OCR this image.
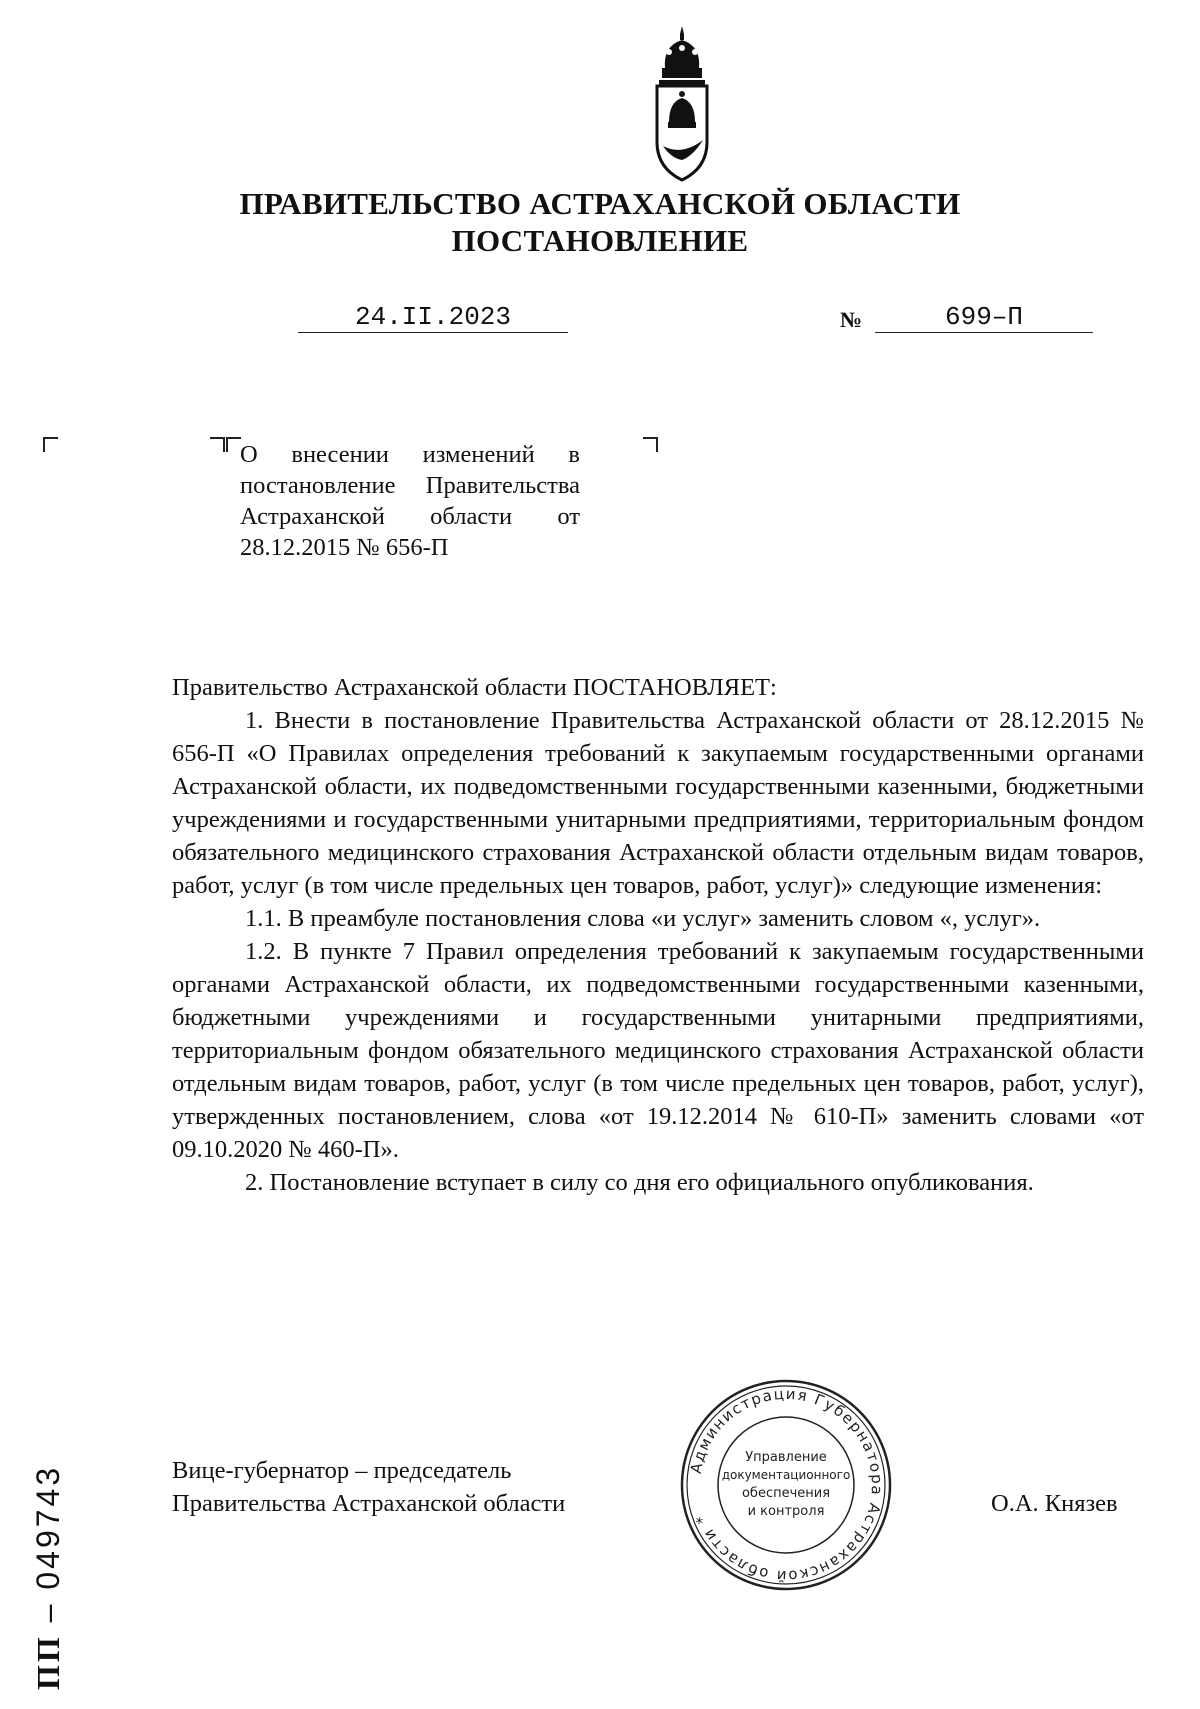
ПРАВИТЕЛЬСТВО АСТРАХАНСКОЙ ОБЛАСТИ
ПОСТАНОВЛЕНИЕ
24.II.2023	№	699–П
О внесении изменений в постановление Правительства Астраханской области от 28.12.2015 № 656-П

Правительство Астраханской области ПОСТАНОВЛЯЕТ:

1. Внести в постановление Правительства Астраханской области от 28.12.2015 № 656-П «О Правилах определения требований к закупаемым государственными органами Астраханской области, их подведомственными государственными казенными, бюджетными учреждениями и государственными унитарными предприятиями, территориальным фондом обязательного медицинского страхования Астраханской области отдельным видам товаров, работ, услуг (в том числе предельных цен товаров, работ, услуг)» следующие изменения:

1.1. В преамбуле постановления слова «и услуг» заменить словом «, услуг».

1.2. В пункте 7 Правил определения требований к закупаемым государственными органами Астраханской области, их подведомственными государственными казенными, бюджетными учреждениями и государственными унитарными предприятиями, территориальным фондом обязательного медицинского страхования Астраханской области отдельным видам товаров, работ, услуг (в том числе предельных цен товаров, работ, услуг), утвержденных постановлением, слова «от 19.12.2014 № 610-П» заменить словами «от 09.10.2020 № 460-П».

2. Постановление вступает в силу со дня его официального опубликования.

Вице-губернатор – председатель
Правительства Астраханской области	О.А. Князев
Администрация Губернатора Астраханской области *
Управление
документационного
обеспечения
и контроля
ПП – 049743
